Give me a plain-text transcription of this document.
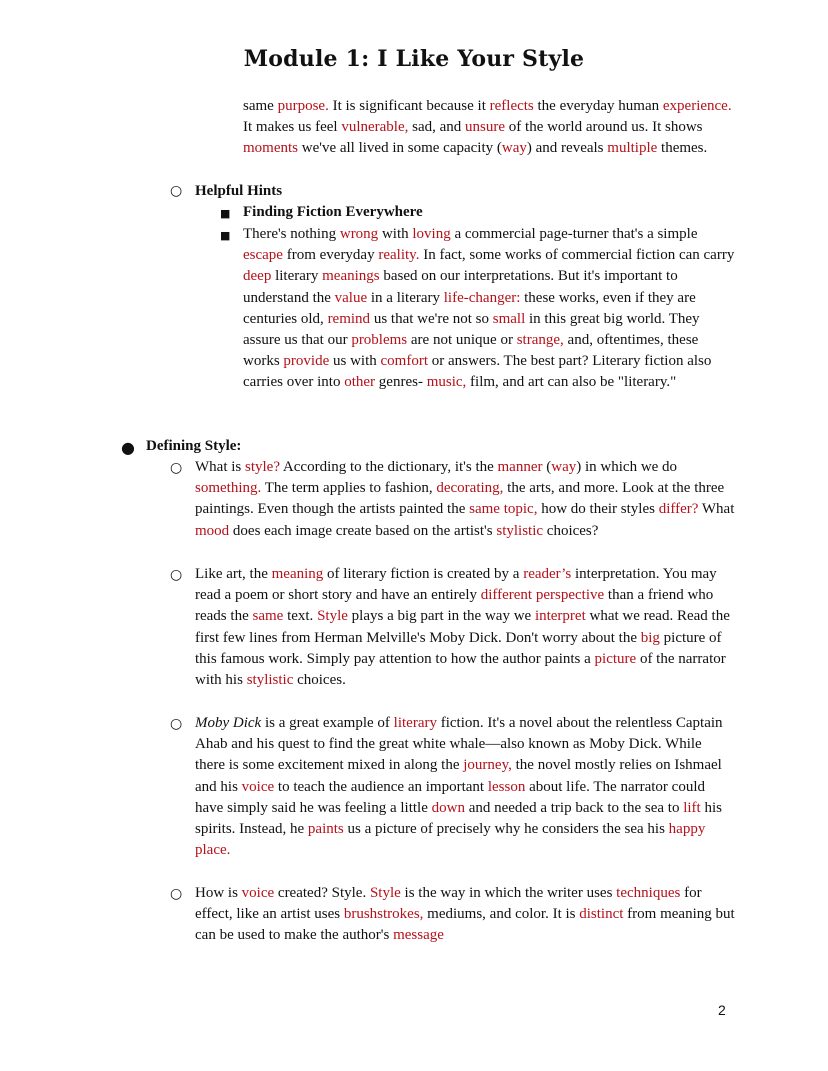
Module 1: I Like Your Style

same purpose. It is significant because it reflects the everyday human experience. It makes us feel vulnerable, sad, and unsure of the world around us. It shows moments we've all lived in some capacity (way) and reveals multiple themes.

○ Helpful Hints

■ Finding Fiction Everywhere

■ There's nothing wrong with loving a commercial page-turner that's a simple escape from everyday reality. In fact, some works of commercial fiction can carry deep literary meanings based on our interpretations. But it's important to understand the value in a literary life-changer: these works, even if they are centuries old, remind us that we're not so small in this great big world. They assure us that our problems are not unique or strange, and, oftentimes, these works provide us with comfort or answers. The best part? Literary fiction also carries over into other genres- music, film, and art can also be "literary."

● Defining Style:

○ What is style? According to the dictionary, it's the manner (way) in which we do something. The term applies to fashion, decorating, the arts, and more. Look at the three paintings. Even though the artists painted the same topic, how do their styles differ? What mood does each image create based on the artist's stylistic choices?

○ Like art, the meaning of literary fiction is created by a reader’s interpretation. You may read a poem or short story and have an entirely different perspective than a friend who reads the same text. Style plays a big part in the way we interpret what we read. Read the first few lines from Herman Melville's Moby Dick. Don't worry about the big picture of this famous work. Simply pay attention to how the author paints a picture of the narrator with his stylistic choices.

○ Moby Dick is a great example of literary fiction. It's a novel about the relentless Captain Ahab and his quest to find the great white whale—also known as Moby Dick. While there is some excitement mixed in along the journey, the novel mostly relies on Ishmael and his voice to teach the audience an important lesson about life. The narrator could have simply said he was feeling a little down and needed a trip back to the sea to lift his spirits. Instead, he paints us a picture of precisely why he considers the sea his happy place.

○ How is voice created? Style. Style is the way in which the writer uses techniques for effect, like an artist uses brushstrokes, mediums, and color. It is distinct from meaning but can be used to make the author's message

2
